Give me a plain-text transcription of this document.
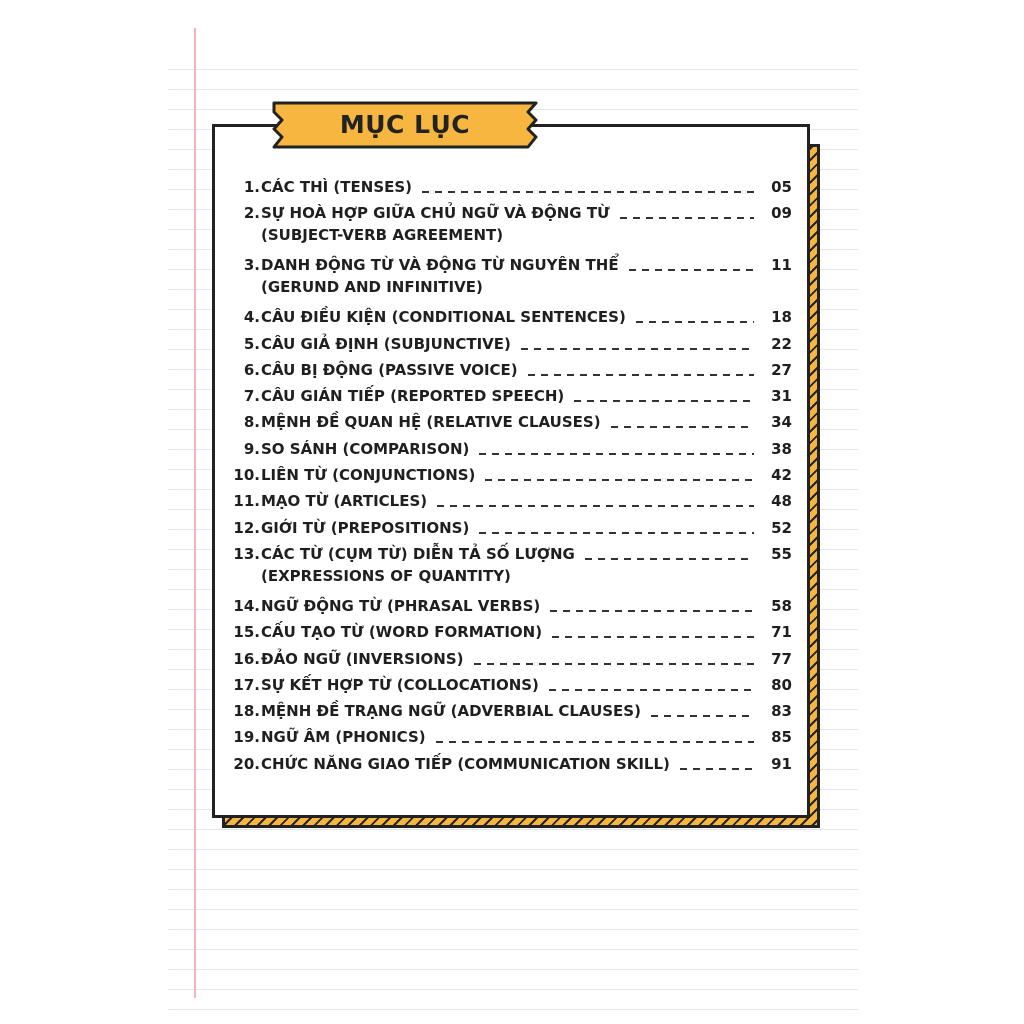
MỤC LỤC
1. CÁC THÌ (TENSES)	05
2. SỰ HOÀ HỢP GIỮA CHỦ NGỮ VÀ ĐỘNG TỪ	09
(SUBJECT-VERB AGREEMENT)
3. DANH ĐỘNG TỪ VÀ ĐỘNG TỪ NGUYÊN THỂ	11
(GERUND AND INFINITIVE)
4. CÂU ĐIỀU KIỆN (CONDITIONAL SENTENCES)	18
5. CÂU GIẢ ĐỊNH (SUBJUNCTIVE)	22
6. CÂU BỊ ĐỘNG (PASSIVE VOICE)	27
7. CÂU GIÁN TIẾP (REPORTED SPEECH)	31
8. MỆNH ĐỀ QUAN HỆ (RELATIVE CLAUSES)	34
9. SO SÁNH (COMPARISON)	38
10. LIÊN TỪ (CONJUNCTIONS)	42
11. MẠO TỪ (ARTICLES)	48
12. GIỚI TỪ (PREPOSITIONS)	52
13. CÁC TỪ (CỤM TỪ) DIỄN TẢ SỐ LƯỢNG	55
(EXPRESSIONS OF QUANTITY)
14. NGỮ ĐỘNG TỪ (PHRASAL VERBS)	58
15. CẤU TẠO TỪ (WORD FORMATION)	71
16. ĐẢO NGỮ (INVERSIONS)	77
17. SỰ KẾT HỢP TỪ (COLLOCATIONS)	80
18. MỆNH ĐỀ TRẠNG NGỮ (ADVERBIAL CLAUSES)	83
19. NGỮ ÂM (PHONICS)	85
20. CHỨC NĂNG GIAO TIẾP (COMMUNICATION SKILL)	91
